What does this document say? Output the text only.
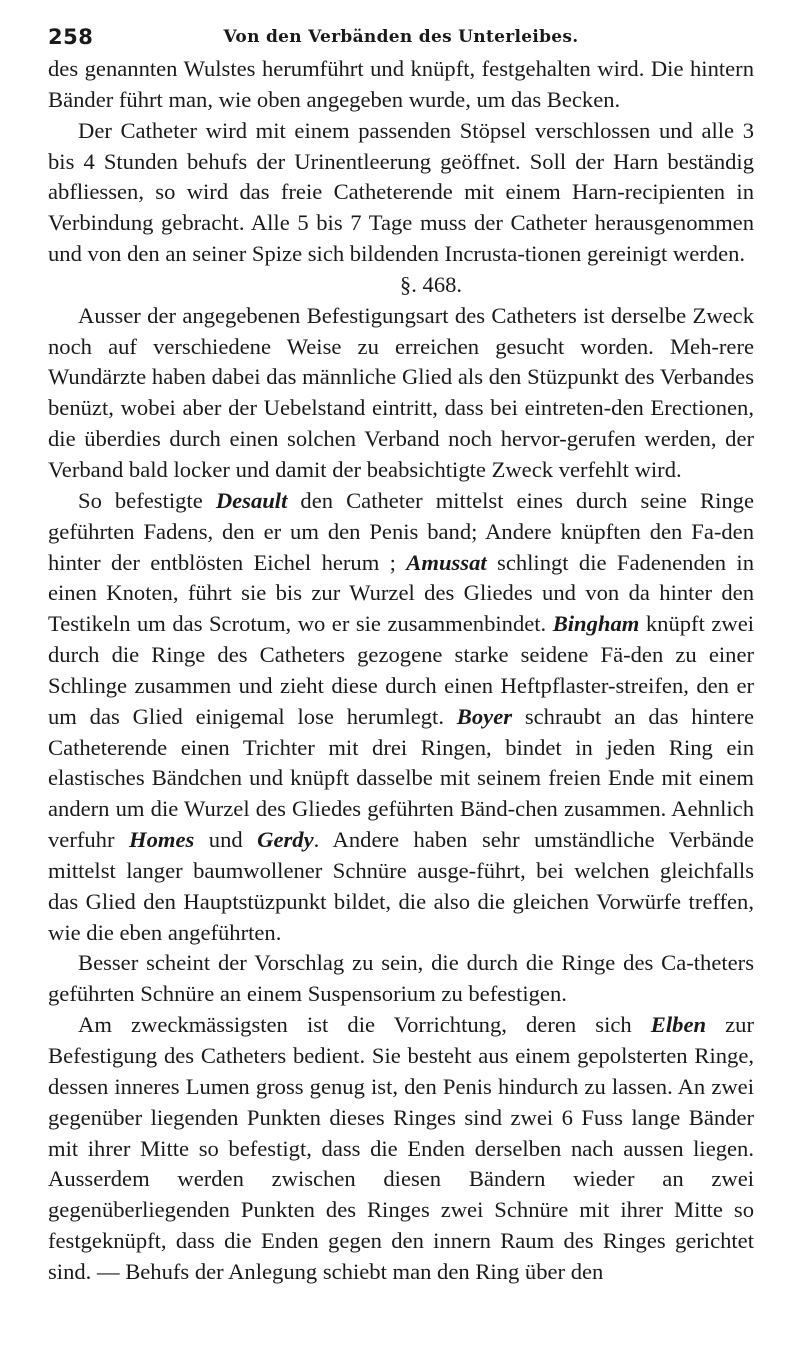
258	Von den Verbänden des Unterleibes.

des genannten Wulstes herumführt und knüpft, festgehalten wird. Die hintern Bänder führt man, wie oben angegeben wurde, um das Becken.

Der Catheter wird mit einem passenden Stöpsel verschlossen und alle 3 bis 4 Stunden behufs der Urinentleerung geöffnet. Soll der Harn beständig abfliessen, so wird das freie Catheterende mit einem Harn-recipienten in Verbindung gebracht. Alle 5 bis 7 Tage muss der Catheter herausgenommen und von den an seiner Spize sich bildenden Incrusta-tionen gereinigt werden.

§. 468.

Ausser der angegebenen Befestigungsart des Catheters ist derselbe Zweck noch auf verschiedene Weise zu erreichen gesucht worden. Meh-rere Wundärzte haben dabei das männliche Glied als den Stüzpunkt des Verbandes benüzt, wobei aber der Uebelstand eintritt, dass bei eintreten-den Erectionen, die überdies durch einen solchen Verband noch hervor-gerufen werden, der Verband bald locker und damit der beabsichtigte Zweck verfehlt wird.

So befestigte Desault den Catheter mittelst eines durch seine Ringe geführten Fadens, den er um den Penis band; Andere knüpften den Fa-den hinter der entblösten Eichel herum ; Amussat schlingt die Fadenenden in einen Knoten, führt sie bis zur Wurzel des Gliedes und von da hinter den Testikeln um das Scrotum, wo er sie zusammenbindet. Bingham knüpft zwei durch die Ringe des Catheters gezogene starke seidene Fä-den zu einer Schlinge zusammen und zieht diese durch einen Heftpflaster-streifen, den er um das Glied einigemal lose herumlegt. Boyer schraubt an das hintere Catheterende einen Trichter mit drei Ringen, bindet in jeden Ring ein elastisches Bändchen und knüpft dasselbe mit seinem freien Ende mit einem andern um die Wurzel des Gliedes geführten Bänd-chen zusammen. Aehnlich verfuhr Homes und Gerdy. Andere haben sehr umständliche Verbände mittelst langer baumwollener Schnüre ausge-führt, bei welchen gleichfalls das Glied den Hauptstüzpunkt bildet, die also die gleichen Vorwürfe treffen, wie die eben angeführten.

Besser scheint der Vorschlag zu sein, die durch die Ringe des Ca-theters geführten Schnüre an einem Suspensorium zu befestigen.

Am zweckmässigsten ist die Vorrichtung, deren sich Elben zur Befestigung des Catheters bedient. Sie besteht aus einem gepolsterten Ringe, dessen inneres Lumen gross genug ist, den Penis hindurch zu lassen. An zwei gegenüber liegenden Punkten dieses Ringes sind zwei 6 Fuss lange Bänder mit ihrer Mitte so befestigt, dass die Enden derselben nach aussen liegen. Ausserdem werden zwischen diesen Bändern wieder an zwei gegenüberliegenden Punkten des Ringes zwei Schnüre mit ihrer Mitte so festgeknüpft, dass die Enden gegen den innern Raum des Ringes gerichtet sind. — Behufs der Anlegung schiebt man den Ring über den
